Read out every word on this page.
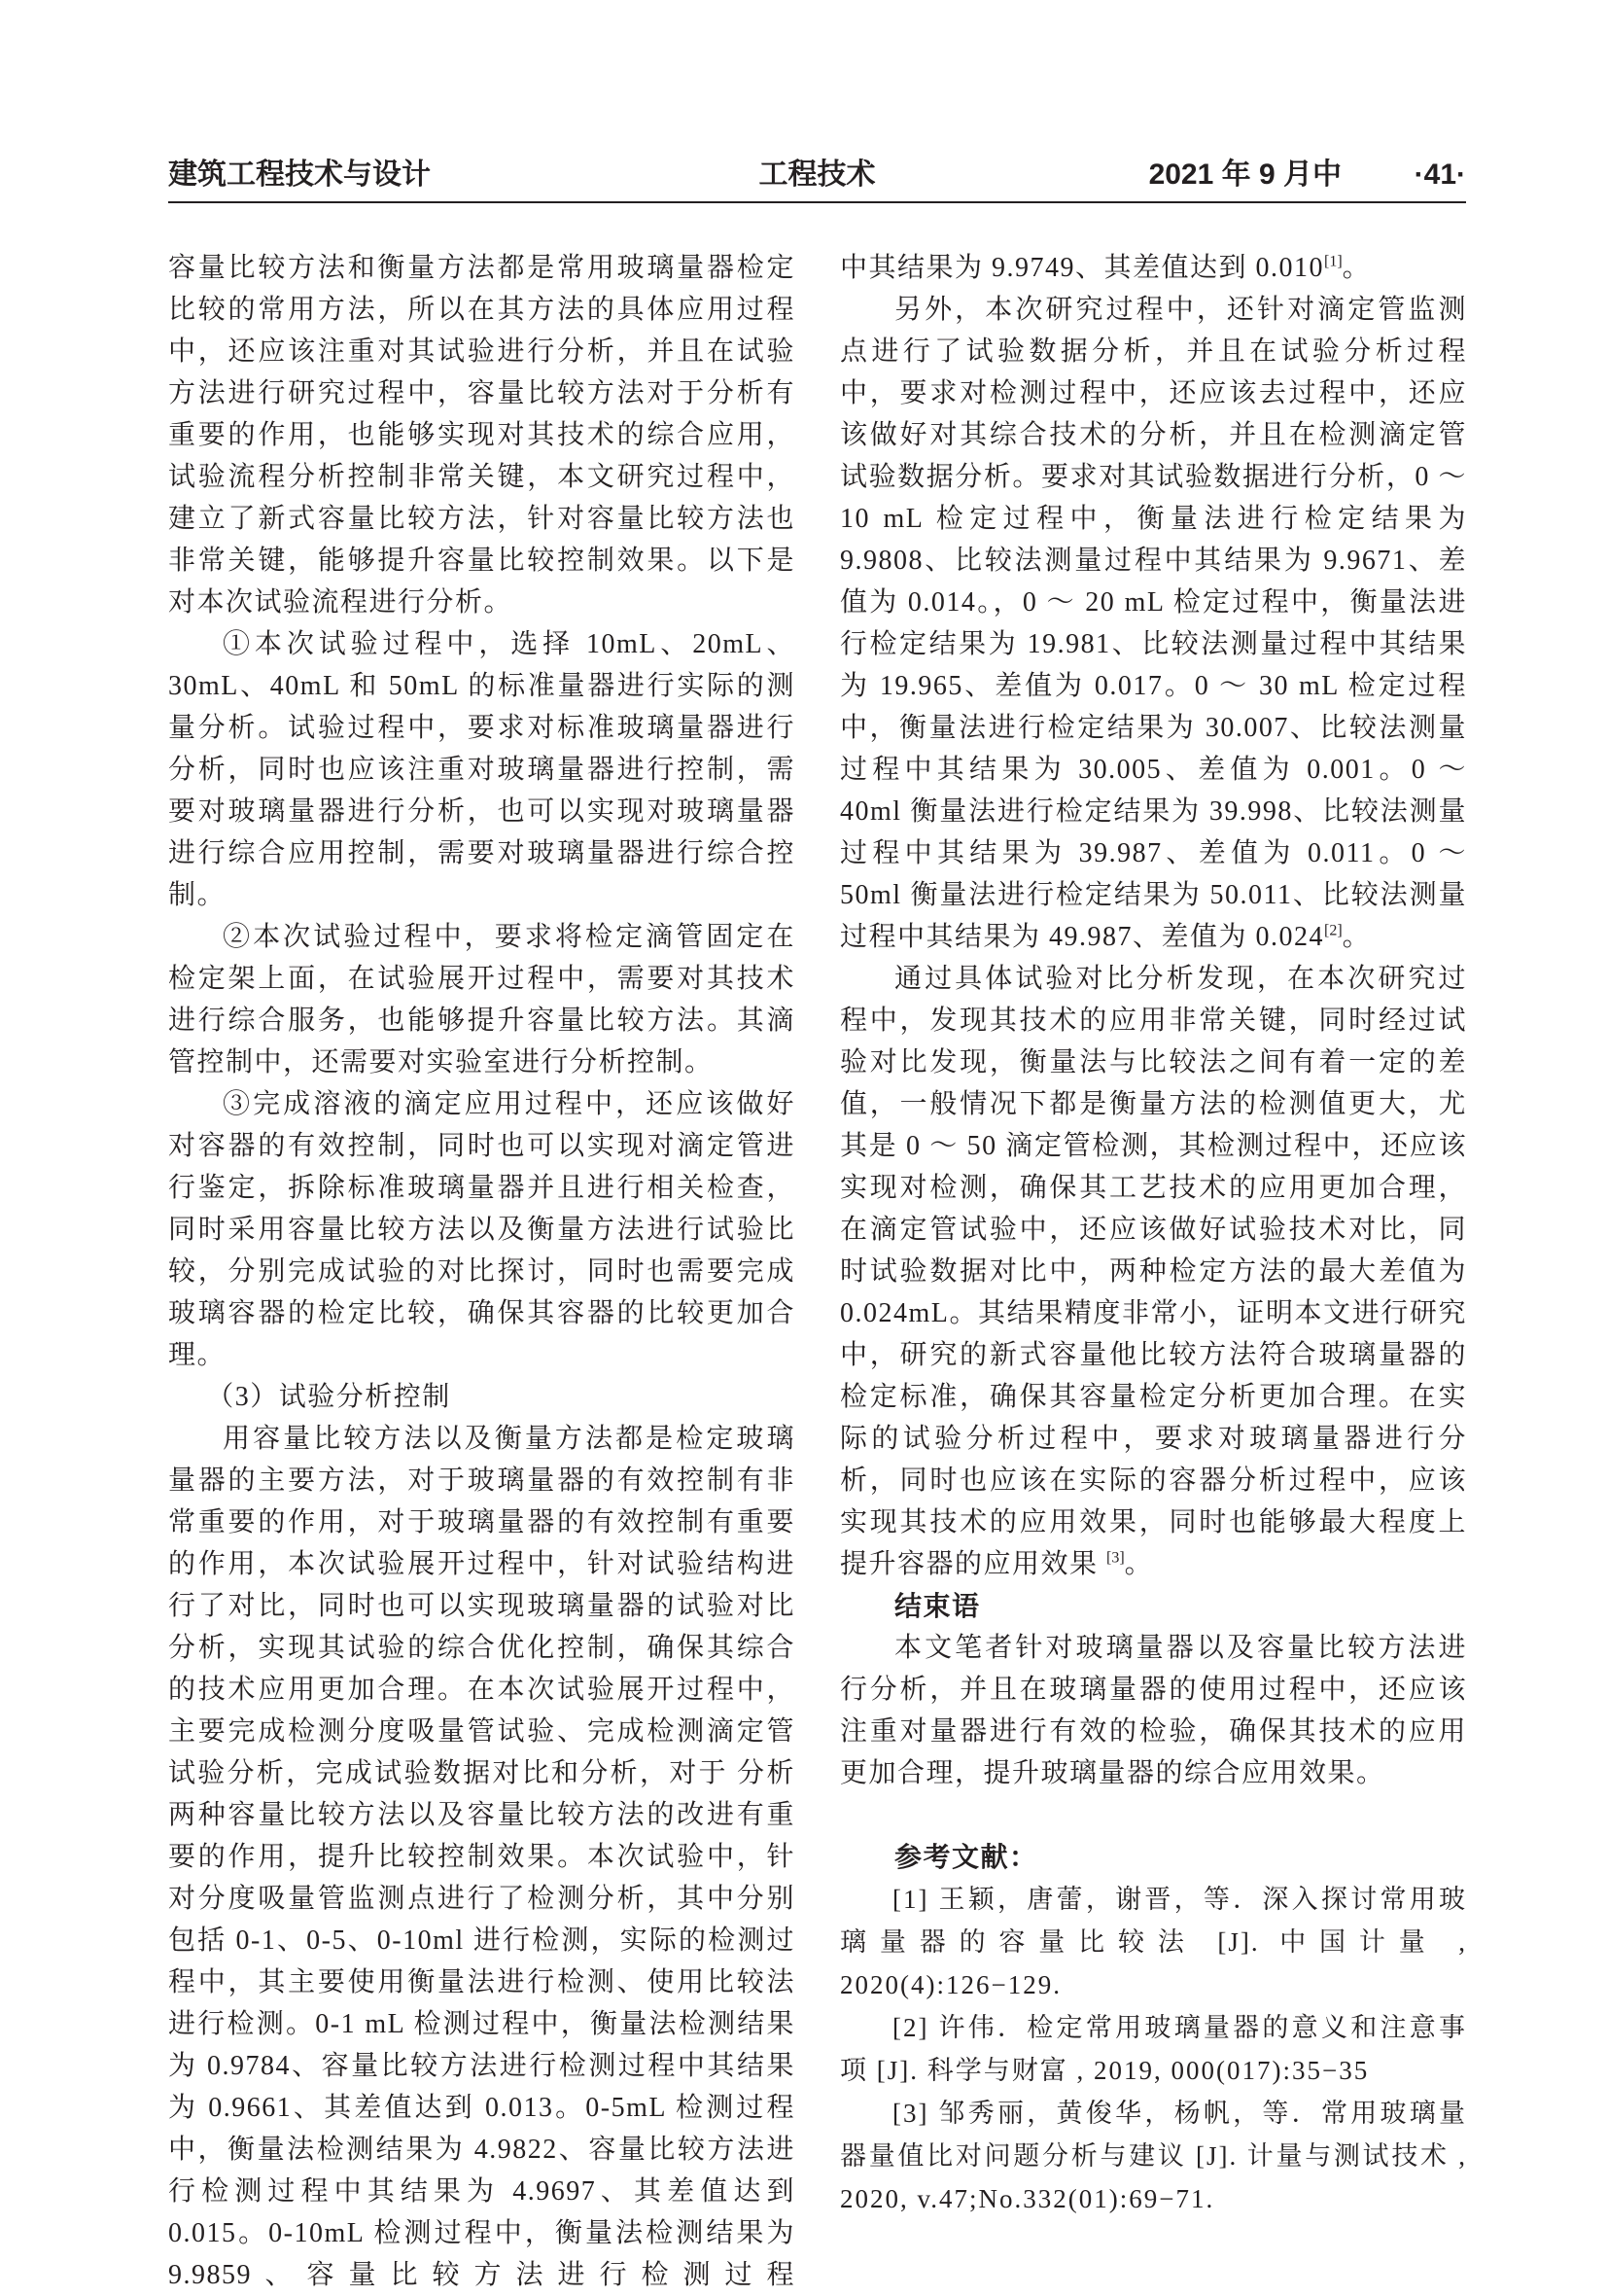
建筑工程技术与设计	工程技术	2021 年 9 月中 ·41·

容量比较方法和衡量方法都是常用玻璃量器检定比较的常用方法，所以在其方法的具体应用过程中，还应该注重对其试验进行分析，并且在试验方法进行研究过程中，容量比较方法对于分析有重要的作用，也能够实现对其技术的综合应用，试验流程分析控制非常关键，本文研究过程中，建立了新式容量比较方法，针对容量比较方法也非常关键，能够提升容量比较控制效果。以下是对本次试验流程进行分析。

①本次试验过程中，选择 10mL、20mL、30mL、40mL 和 50mL 的标准量器进行实际的测量分析。试验过程中，要求对标准玻璃量器进行分析，同时也应该注重对玻璃量器进行控制，需要对玻璃量器进行分析，也可以实现对玻璃量器进行综合应用控制，需要对玻璃量器进行综合控制。

②本次试验过程中，要求将检定滴管固定在检定架上面，在试验展开过程中，需要对其技术进行综合服务，也能够提升容量比较方法。其滴管控制中，还需要对实验室进行分析控制。

③完成溶液的滴定应用过程中，还应该做好对容器的有效控制，同时也可以实现对滴定管进行鉴定，拆除标准玻璃量器并且进行相关检查，同时采用容量比较方法以及衡量方法进行试验比较，分别完成试验的对比探讨，同时也需要完成玻璃容器的检定比较，确保其容器的比较更加合理。

（3）试验分析控制

用容量比较方法以及衡量方法都是检定玻璃量器的主要方法，对于玻璃量器的有效控制有非常重要的作用，对于玻璃量器的有效控制有重要的作用，本次试验展开过程中，针对试验结构进行了对比，同时也可以实现玻璃量器的试验对比分析，实现其试验的综合优化控制，确保其综合的技术应用更加合理。在本次试验展开过程中，主要完成检测分度吸量管试验、完成检测滴定管试验分析，完成试验数据对比和分析，对于 分析两种容量比较方法以及容量比较方法的改进有重要的作用，提升比较控制效果。本次试验中，针对分度吸量管监测点进行了检测分析，其中分别包括 0-1、0-5、0-10ml 进行检测，实际的检测过程中，其主要使用衡量法进行检测、使用比较法进行检测。0-1 mL 检测过程中，衡量法检测结果为 0.9784、容量比较方法进行检测过程中其结果为 0.9661、其差值达到 0.013。0-5mL 检测过程中，衡量法检测结果为 4.9822、容量比较方法进行检测过程中其结果为 4.9697、其差值达到 0.015。0-10mL 检测过程中，衡量法检测结果为 9.9859、容量比较方法进行检测过程

中其结果为 9.9749、其差值达到 0.010[1]。

另外，本次研究过程中，还针对滴定管监测点进行了试验数据分析，并且在试验分析过程中，要求对检测过程中，还应该去过程中，还应该做好对其综合技术的分析，并且在检测滴定管试验数据分析。要求对其试验数据进行分析，0 ～ 10 mL 检定过程中，衡量法进行检定结果为 9.9808、比较法测量过程中其结果为 9.9671、差值为 0.014。，0 ～ 20 mL 检定过程中，衡量法进行检定结果为 19.981、比较法测量过程中其结果为 19.965、差值为 0.017。0 ～ 30 mL 检定过程中，衡量法进行检定结果为 30.007、比较法测量过程中其结果为 30.005、差值为 0.001。0 ～ 40ml 衡量法进行检定结果为 39.998、比较法测量过程中其结果为 39.987、差值为 0.011。0 ～ 50ml 衡量法进行检定结果为 50.011、比较法测量过程中其结果为 49.987、差值为 0.024[2]。

通过具体试验对比分析发现，在本次研究过程中，发现其技术的应用非常关键，同时经过试验对比发现，衡量法与比较法之间有着一定的差值，一般情况下都是衡量方法的检测值更大，尤其是 0 ～ 50 滴定管检测，其检测过程中，还应该实现对检测，确保其工艺技术的应用更加合理，在滴定管试验中，还应该做好试验技术对比，同时试验数据对比中，两种检定方法的最大差值为 0.024mL。其结果精度非常小，证明本文进行研究中，研究的新式容量他比较方法符合玻璃量器的检定标准，确保其容量检定分析更加合理。在实际的试验分析过程中，要求对玻璃量器进行分析，同时也应该在实际的容器分析过程中，应该实现其技术的应用效果，同时也能够最大程度上提升容器的应用效果 [3]。

结束语

本文笔者针对玻璃量器以及容量比较方法进行分析，并且在玻璃量器的使用过程中，还应该注重对量器进行有效的检验，确保其技术的应用更加合理，提升玻璃量器的综合应用效果。

参考文献：

[1] 王颖，唐蕾，谢晋，等．深入探讨常用玻璃量器的容量比较法 [J]. 中国计量 , 2020(4):126−129.

[2] 许伟．检定常用玻璃量器的意义和注意事项 [J]. 科学与财富 , 2019, 000(017):35−35

[3] 邹秀丽，黄俊华，杨帆，等．常用玻璃量器量值比对问题分析与建议 [J]. 计量与测试技术 , 2020, v.47;No.332(01):69−71.
